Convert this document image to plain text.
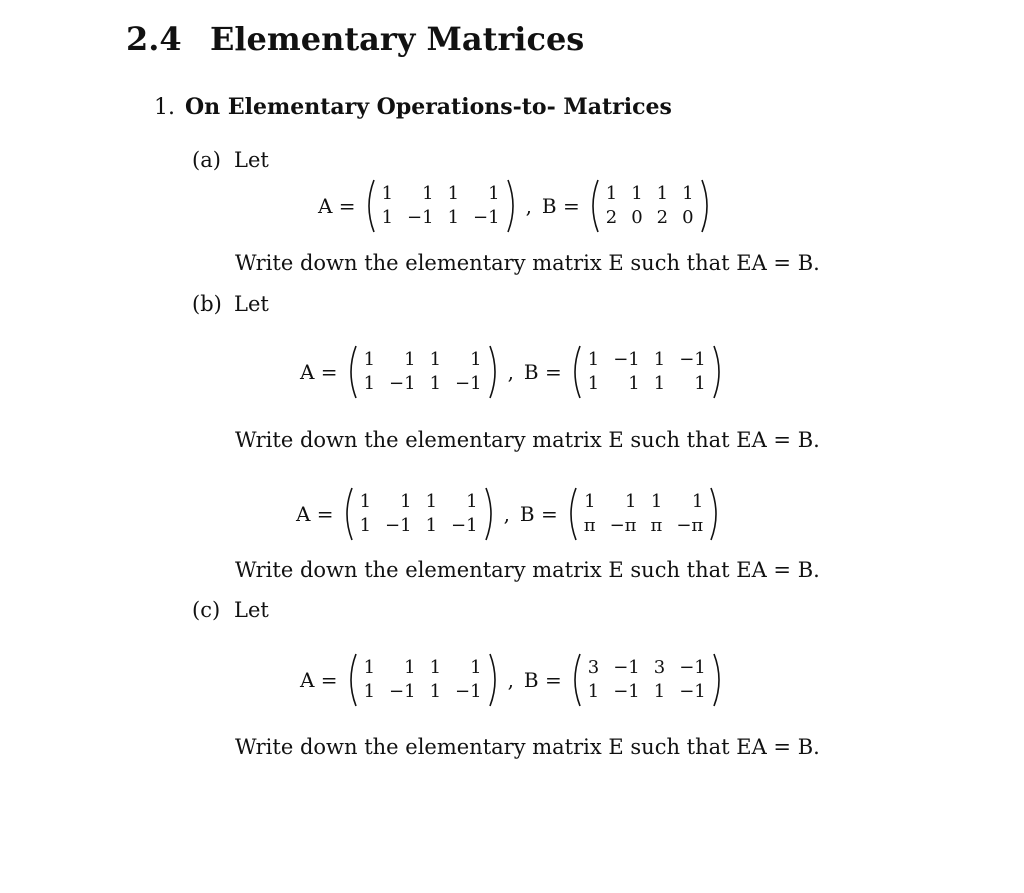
2.4 Elementary Matrices
1. On Elementary Operations-to- Matrices
(a) Let
A =
1	1 1	1
1 −1 1 −1 , B =
1 1 1 1
2 0 2 0
Write down the elementary matrix E such that EA = B.
(b) Let
A =
1	1 1	1
1 −1 1 −1 , B =
1 −1 1 −1
1	1 1	1
Write down the elementary matrix E such that EA = B.
A =
1	1 1	1
1 −1 1 −1 , B =
1	1 1	1
π −π π −π
Write down the elementary matrix E such that EA = B.
(c) Let
A =
1	1 1	1
1 −1 1 −1 , B =
3 −1 3 −1
1 −1 1 −1
Write down the elementary matrix E such that EA = B.
